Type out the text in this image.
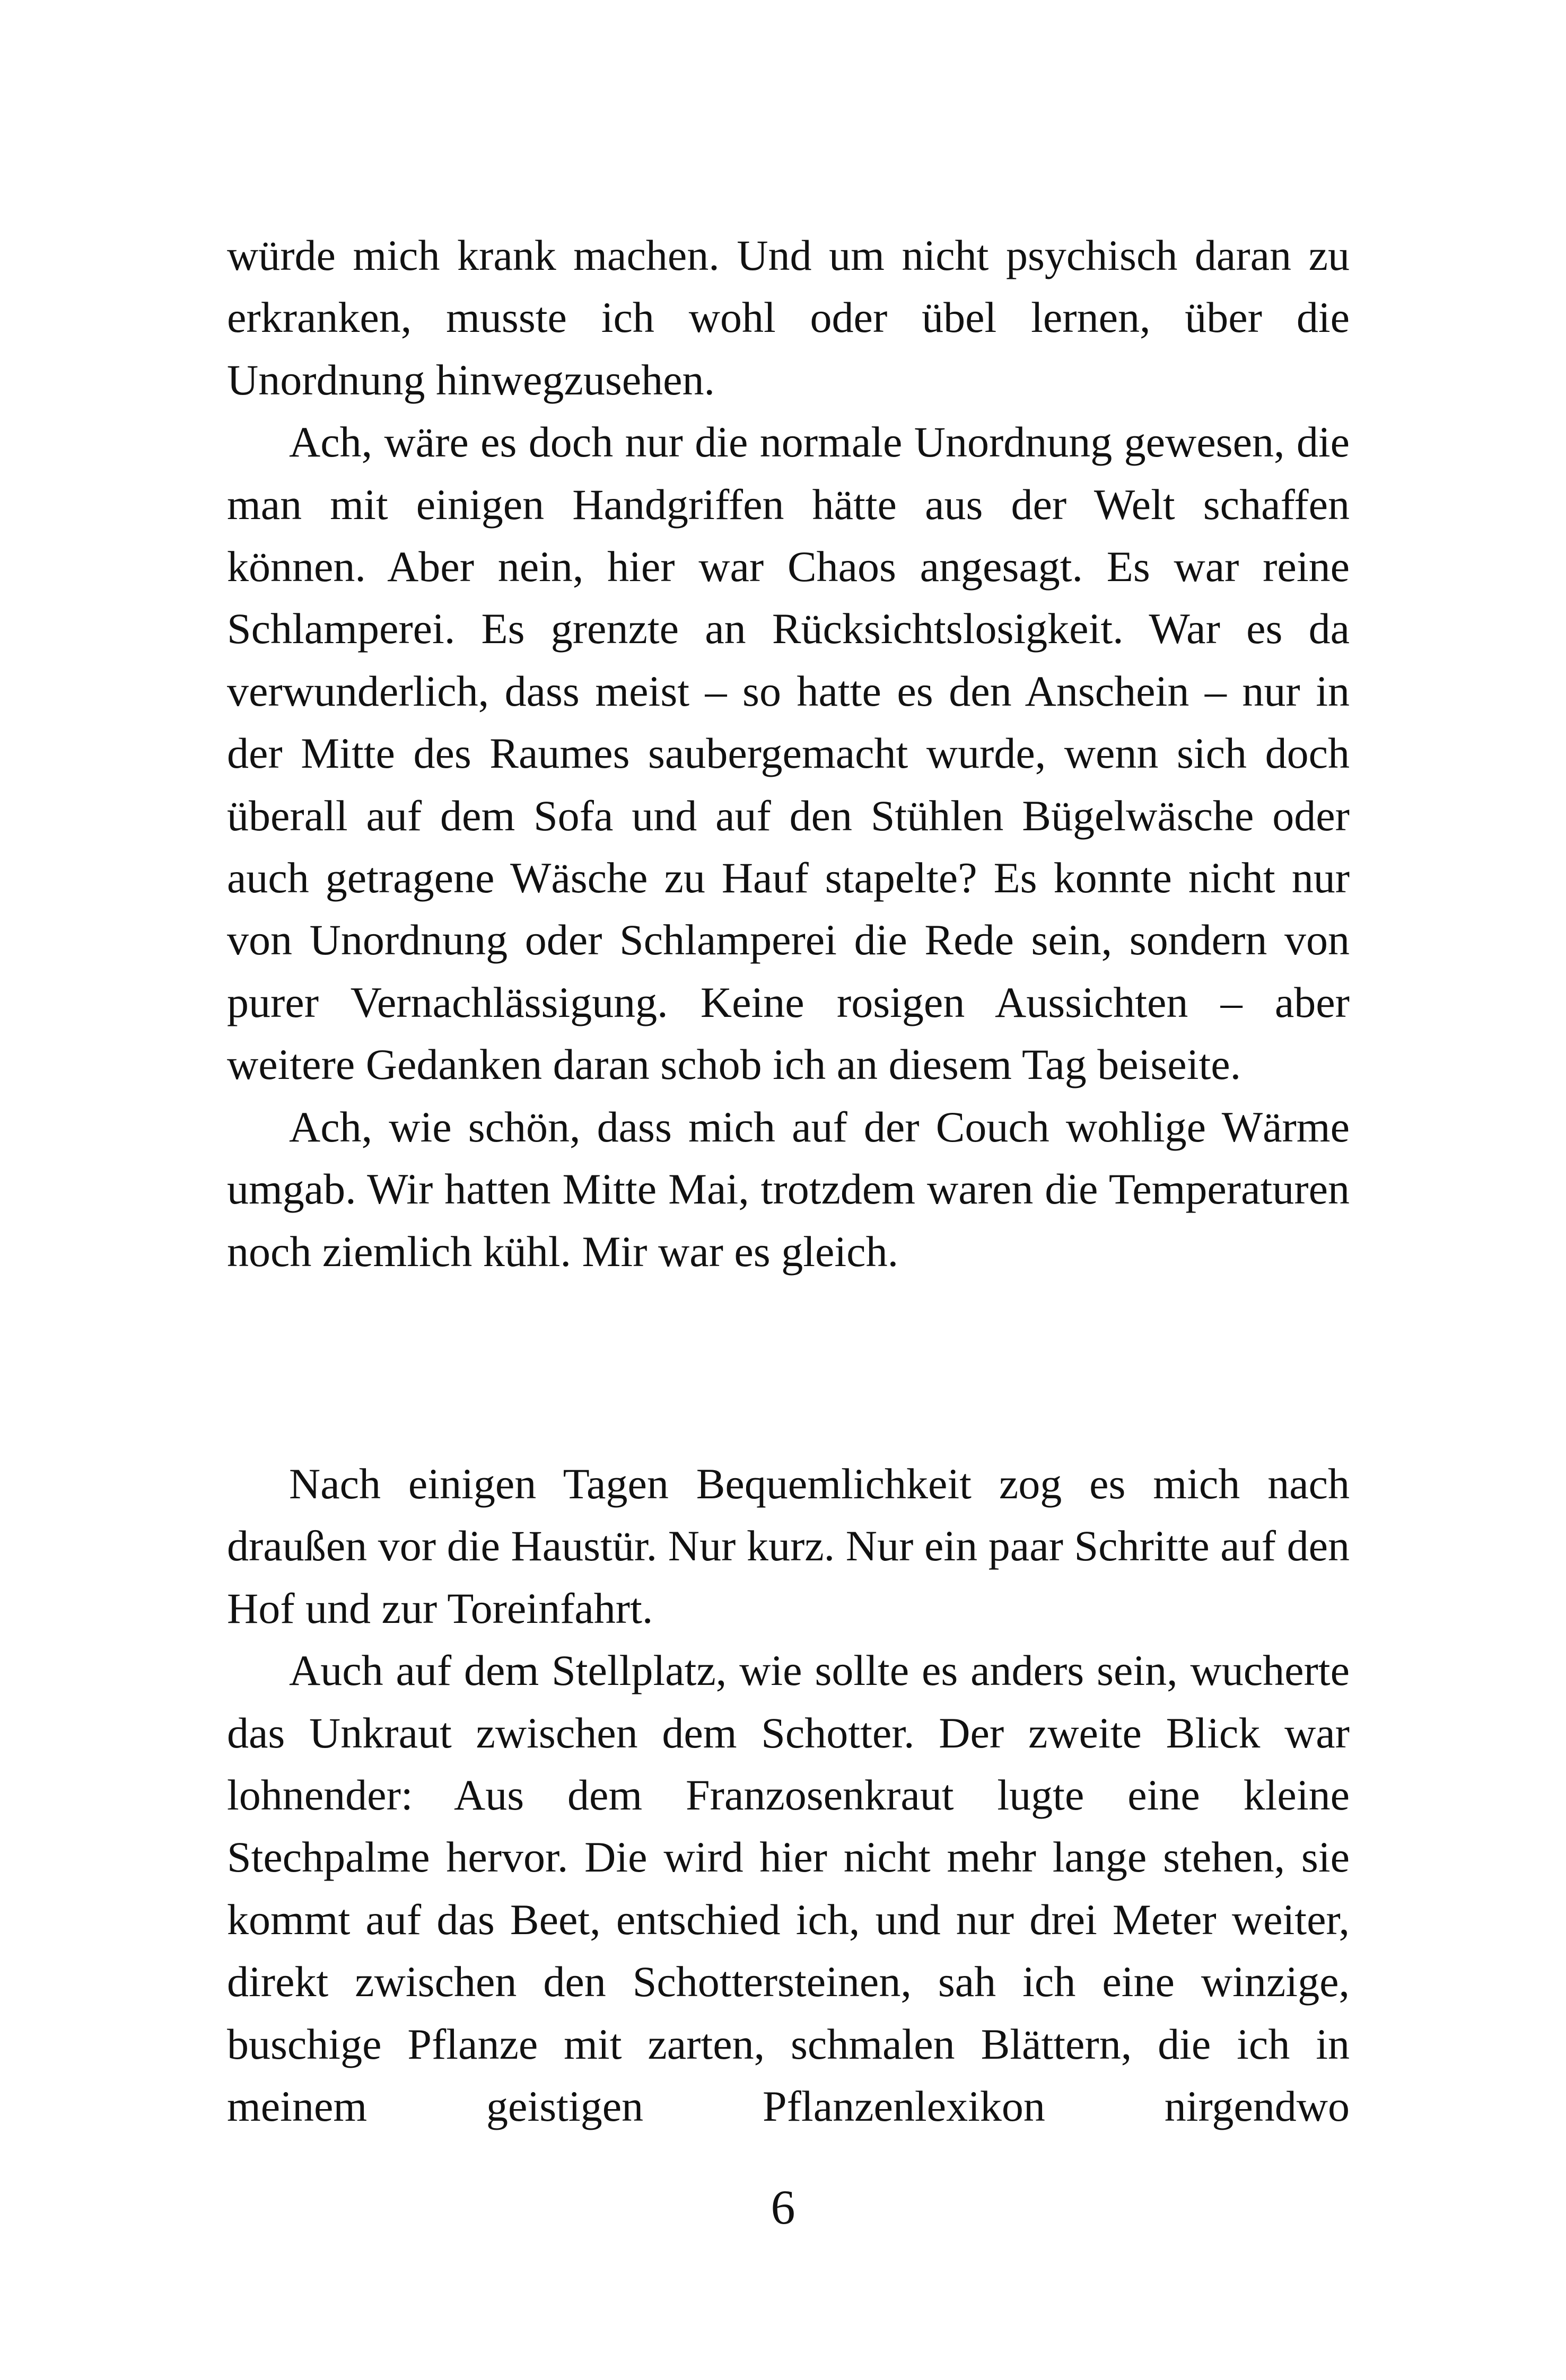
würde mich krank machen. Und um nicht psychisch daran zu erkranken, musste ich wohl oder übel lernen, über die Unordnung hinwegzusehen.

Ach, wäre es doch nur die normale Unordnung gewesen, die man mit einigen Handgriffen hätte aus der Welt schaffen können. Aber nein, hier war Chaos angesagt. Es war reine Schlamperei. Es grenzte an Rücksichtslosigkeit. War es da verwunderlich, dass meist – so hatte es den Anschein – nur in der Mitte des Raumes saubergemacht wurde, wenn sich doch überall auf dem Sofa und auf den Stühlen Bügelwäsche oder auch getragene Wäsche zu Hauf stapelte? Es konnte nicht nur von Unordnung oder Schlamperei die Rede sein, sondern von purer Vernachlässigung. Keine rosigen Aussichten – aber weitere Gedanken daran schob ich an diesem Tag beiseite.

Ach, wie schön, dass mich auf der Couch wohlige Wärme umgab. Wir hatten Mitte Mai, trotzdem waren die Temperaturen noch ziemlich kühl. Mir war es gleich.

Nach einigen Tagen Bequemlichkeit zog es mich nach draußen vor die Haustür. Nur kurz. Nur ein paar Schritte auf den Hof und zur Toreinfahrt.

Auch auf dem Stellplatz, wie sollte es anders sein, wucherte das Unkraut zwischen dem Schotter. Der zweite Blick war lohnender: Aus dem Franzosenkraut lugte eine kleine Stechpalme hervor. Die wird hier nicht mehr lange stehen, sie kommt auf das Beet, entschied ich, und nur drei Meter weiter, direkt zwischen den Schottersteinen, sah ich eine winzige, buschige Pflanze mit zarten, schmalen Blättern, die ich in meinem geistigen Pflanzenlexikon nirgendwo

6
